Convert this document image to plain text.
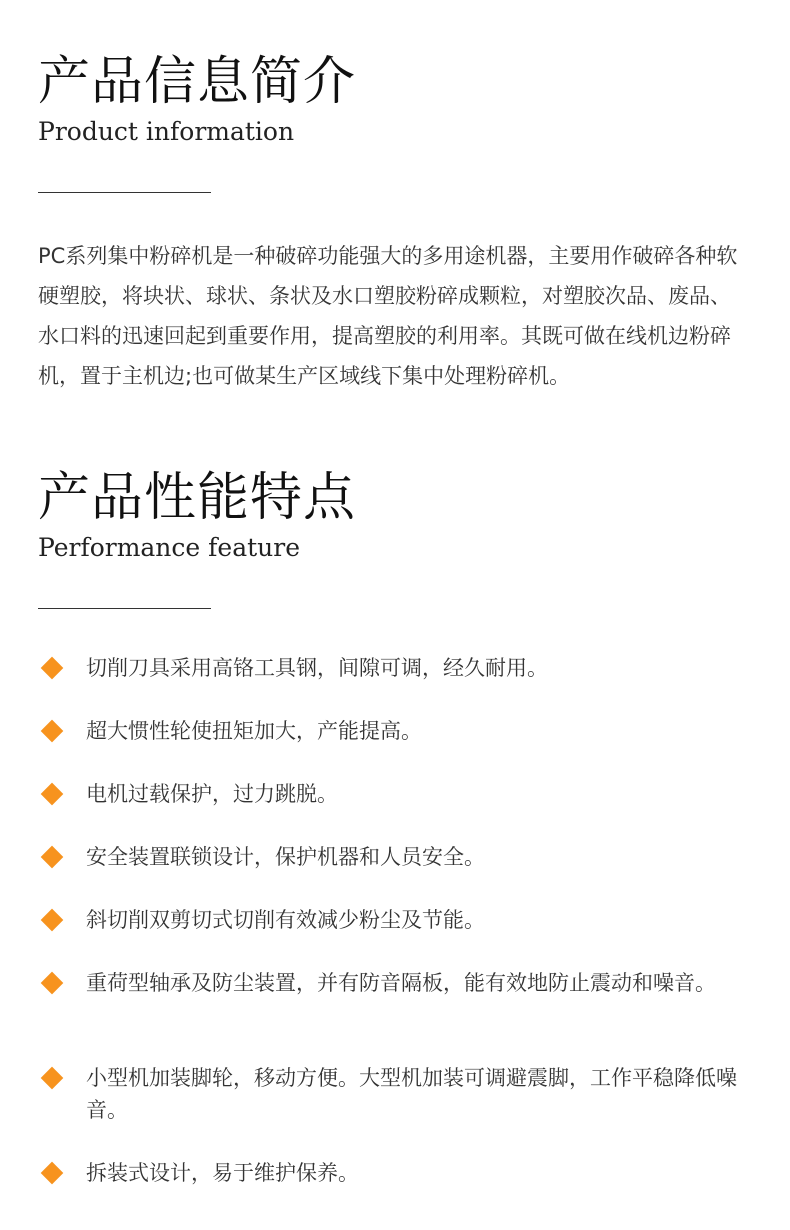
产品信息简介
Product information

PC系列集中粉碎机是一种破碎功能强大的多用途机器，主要用作破碎各种软硬塑胶，将块状、球状、条状及水口塑胶粉碎成颗粒，对塑胶次品、废品、水口料的迅速回起到重要作用，提高塑胶的利用率。其既可做在线机边粉碎机，置于主机边;也可做某生产区域线下集中处理粉碎机。

产品性能特点
Performance feature
切削刀具采用高铬工具钢，间隙可调，经久耐用。
超大惯性轮使扭矩加大，产能提高。
电机过载保护，过力跳脱。
安全装置联锁设计，保护机器和人员安全。
斜切削双剪切式切削有效减少粉尘及节能。
重荷型轴承及防尘装置，并有防音隔板，能有效地防止震动和噪音。
小型机加装脚轮，移动方便。大型机加装可调避震脚，工作平稳降低噪音。
拆装式设计，易于维护保养。
